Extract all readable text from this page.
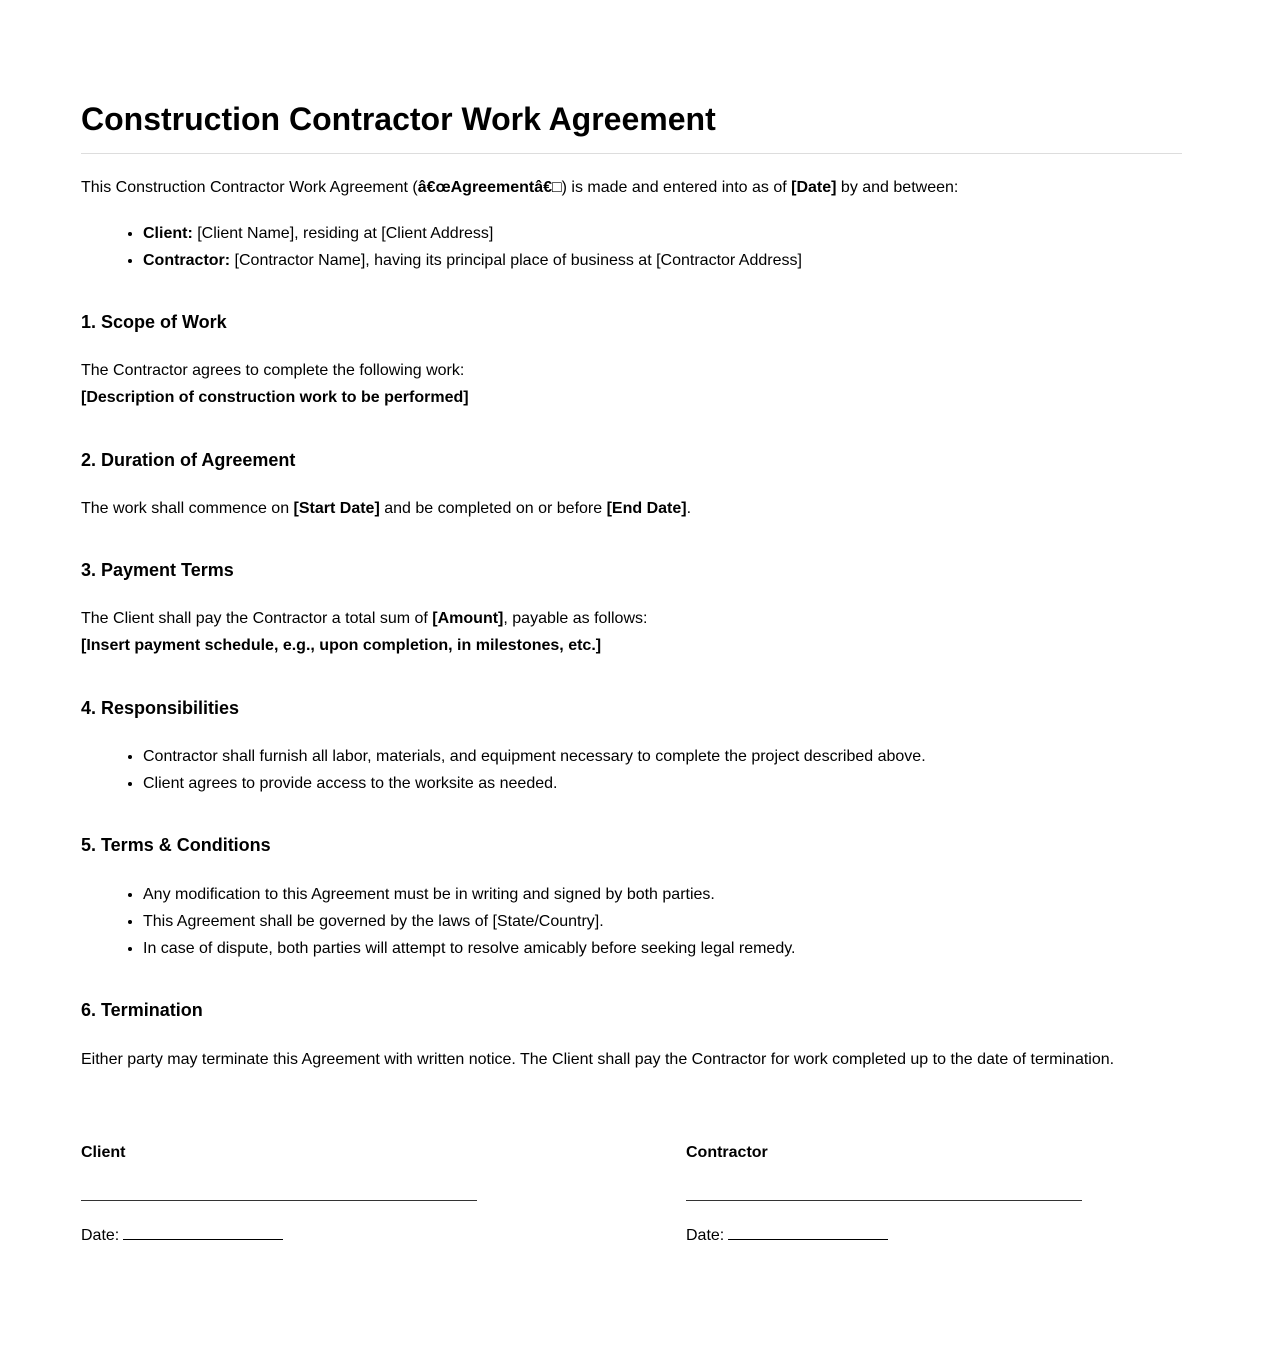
Construction Contractor Work Agreement

This Construction Contractor Work Agreement (â€œAgreementâ€□) is made and entered into as of [Date] by and between:

• Client: [Client Name], residing at [Client Address]
• Contractor: [Contractor Name], having its principal place of business at [Contractor Address]
1. Scope of Work

The Contractor agrees to complete the following work:

[Description of construction work to be performed]

2. Duration of Agreement

The work shall commence on [Start Date] and be completed on or before [End Date].

3. Payment Terms

The Client shall pay the Contractor a total sum of [Amount], payable as follows:

[Insert payment schedule, e.g., upon completion, in milestones, etc.]

4. Responsibilities
• Contractor shall furnish all labor, materials, and equipment necessary to complete the project described above.
• Client agrees to provide access to the worksite as needed.
5. Terms & Conditions
• Any modification to this Agreement must be in writing and signed by both parties.
• This Agreement shall be governed by the laws of [State/Country].
• In case of dispute, both parties will attempt to resolve amicably before seeking legal remedy.
6. Termination

Either party may terminate this Agreement with written notice. The Client shall pay the Contractor for work completed up to the date of termination.

Client
Date:
Contractor
Date:
